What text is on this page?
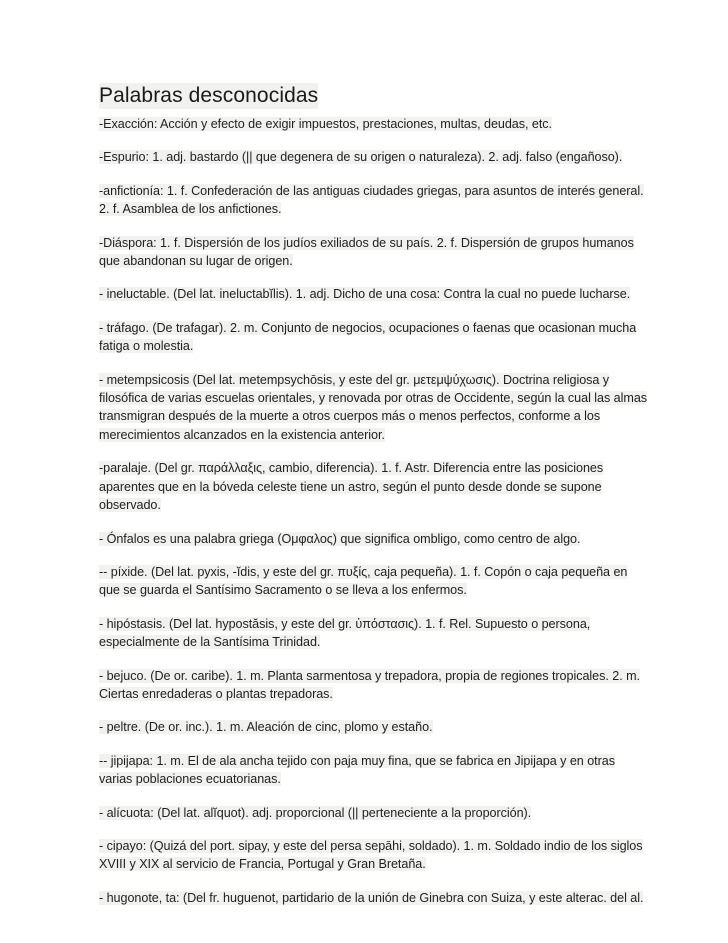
Palabras desconocidas
-Exacción: Acción y efecto de exigir impuestos, prestaciones, multas, deudas, etc.
-Espurio: 1. adj. bastardo (|| que degenera de su origen o naturaleza). 2. adj. falso (engañoso).
-anfictionía: 1. f. Confederación de las antiguas ciudades griegas, para asuntos de interés general.
2. f. Asamblea de los anfictiones.
-Diáspora: 1. f. Dispersión de los judíos exiliados de su país. 2. f. Dispersión de grupos humanos
que abandonan su lugar de origen.
- ineluctable. (Del lat. ineluctabĭlis). 1. adj. Dicho de una cosa: Contra la cual no puede lucharse.
- tráfago. (De trafagar). 2. m. Conjunto de negocios, ocupaciones o faenas que ocasionan mucha
fatiga o molestia.
- metempsicosis (Del lat. metempsychōsis, y este del gr. μετεμψύχωσις). Doctrina religiosa y
filosófica de varias escuelas orientales, y renovada por otras de Occidente, según la cual las almas
transmigran después de la muerte a otros cuerpos más o menos perfectos, conforme a los
merecimientos alcanzados en la existencia anterior.
-paralaje. (Del gr. παράλλαξις, cambio, diferencia). 1. f. Astr. Diferencia entre las posiciones
aparentes que en la bóveda celeste tiene un astro, según el punto desde donde se supone
observado.
- Ónfalos es una palabra griega (Ομφαλος) que significa ombligo, como centro de algo.
-- píxide. (Del lat. pyxis, -ĭdis, y este del gr. πυξίς, caja pequeña). 1. f. Copón o caja pequeña en
que se guarda el Santísimo Sacramento o se lleva a los enfermos.
- hipóstasis. (Del lat. hypostăsis, y este del gr. ὑπόστασις). 1. f. Rel. Supuesto o persona,
especialmente de la Santísima Trinidad.
- bejuco. (De or. caribe). 1. m. Planta sarmentosa y trepadora, propia de regiones tropicales. 2. m.
Ciertas enredaderas o plantas trepadoras.
- peltre. (De or. inc.). 1. m. Aleación de cinc, plomo y estaño.
-- jipijapa: 1. m. El de ala ancha tejido con paja muy fina, que se fabrica en Jipijapa y en otras
varias poblaciones ecuatorianas.
- alícuota: (Del lat. alĭquot). adj. proporcional (|| perteneciente a la proporción).
- cipayo: (Quizá del port. sipay, y este del persa sepāhi, soldado). 1. m. Soldado indio de los siglos
XVIII y XIX al servicio de Francia, Portugal y Gran Bretaña.
- hugonote, ta: (Del fr. huguenot, partidario de la unión de Ginebra con Suiza, y este alterac. del al.
